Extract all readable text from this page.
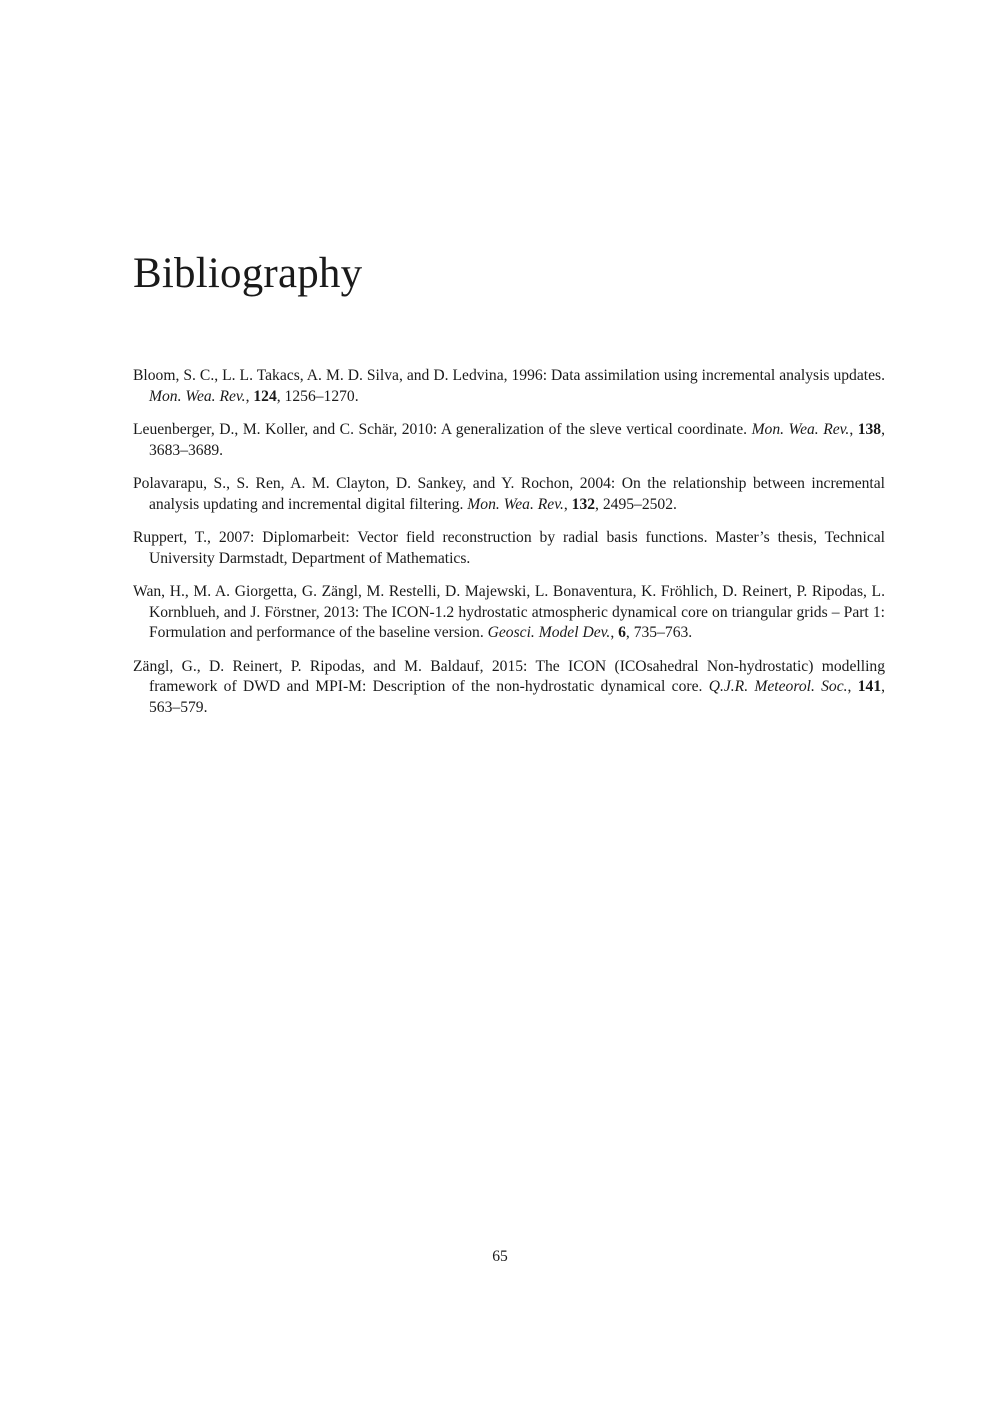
Bibliography
Bloom, S. C., L. L. Takacs, A. M. D. Silva, and D. Ledvina, 1996: Data assimilation using incremental analysis updates. Mon. Wea. Rev., 124, 1256–1270.
Leuenberger, D., M. Koller, and C. Schär, 2010: A generalization of the sleve vertical coordinate. Mon. Wea. Rev., 138, 3683–3689.
Polavarapu, S., S. Ren, A. M. Clayton, D. Sankey, and Y. Rochon, 2004: On the relationship between incremental analysis updating and incremental digital filtering. Mon. Wea. Rev., 132, 2495–2502.
Ruppert, T., 2007: Diplomarbeit: Vector field reconstruction by radial basis functions. Master’s thesis, Technical University Darmstadt, Department of Mathematics.
Wan, H., M. A. Giorgetta, G. Zängl, M. Restelli, D. Majewski, L. Bonaventura, K. Fröhlich, D. Reinert, P. Ripodas, L. Kornblueh, and J. Förstner, 2013: The ICON-1.2 hydrostatic atmospheric dynamical core on triangular grids – Part 1: Formulation and performance of the baseline version. Geosci. Model Dev., 6, 735–763.
Zängl, G., D. Reinert, P. Ripodas, and M. Baldauf, 2015: The ICON (ICOsahedral Non-hydrostatic) modelling framework of DWD and MPI-M: Description of the non-hydrostatic dynamical core. Q.J.R. Meteorol. Soc., 141, 563–579.
65
